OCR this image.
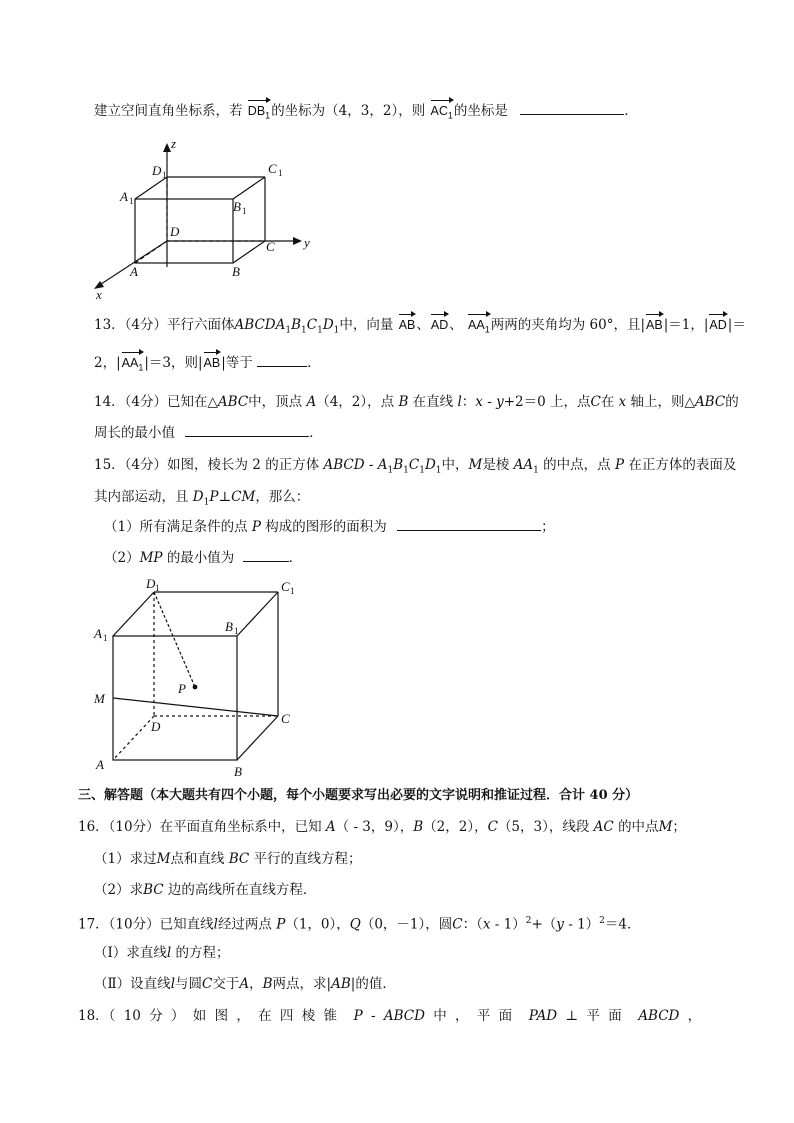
建立空间直角坐标系，若 $DB_1$的坐标为（4，3，2），则 $AC_1$的坐标是	．
z
y
x
D 1	C 1
A 1	B 1
D
C
A	B
13．（4分）平行六面体$ABCDA_1B_1C_1D_1$中，向量 AB、AD、 $AA_1$两两的夹角均为 60°，且|AB|＝1，|AD|＝
2，$|AA_1|=3$，则|AB|等于	．
14．（4分）已知在△ABC中，顶点 A（4，2），点 B 在直线 l：x - y+2＝0 上，点C在 x 轴上，则△ABC的
周长的最小值	．
15．（4分）如图，棱长为 2 的正方体 ABCD - $A_1B_1C_1D_1$中，M是棱 $AA_1$ 的中点，点 P 在正方体的表面及
其内部运动，且 $D_1P\perp CM$，那么：
（1）所有满足条件的点 P 构成的图形的面积为	；
（2）MP 的最小值为	．
D 1	C 1
A 1
B 1
M
P
D
C
A	B
三、解答题（本大题共有四个小题，每个小题要求写出必要的文字说明和推证过程．合计 40 分）
16．（10分）在平面直角坐标系中，已知 A（ - 3，9），B（2，2），C（5，3），线段 AC 的中点M；
（1）求过M点和直线 BC 平行的直线方程；
（2）求BC 边的高线所在直线方程．
17．（10分）已知直线l经过两点 P（1，0），Q（0，－1），圆C：（x - 1）$^2$+（y - 1）$^2$＝4．
（Ⅰ）求直线l 的方程；
（Ⅱ）设直线l与圆C交于A，B两点，求|AB|的值．
18．（ 10 分 ） 如 图 ， 在 四 棱 锥 P - ABCD 中 ， 平 面 PAD ⊥ 平 面 ABCD ，
